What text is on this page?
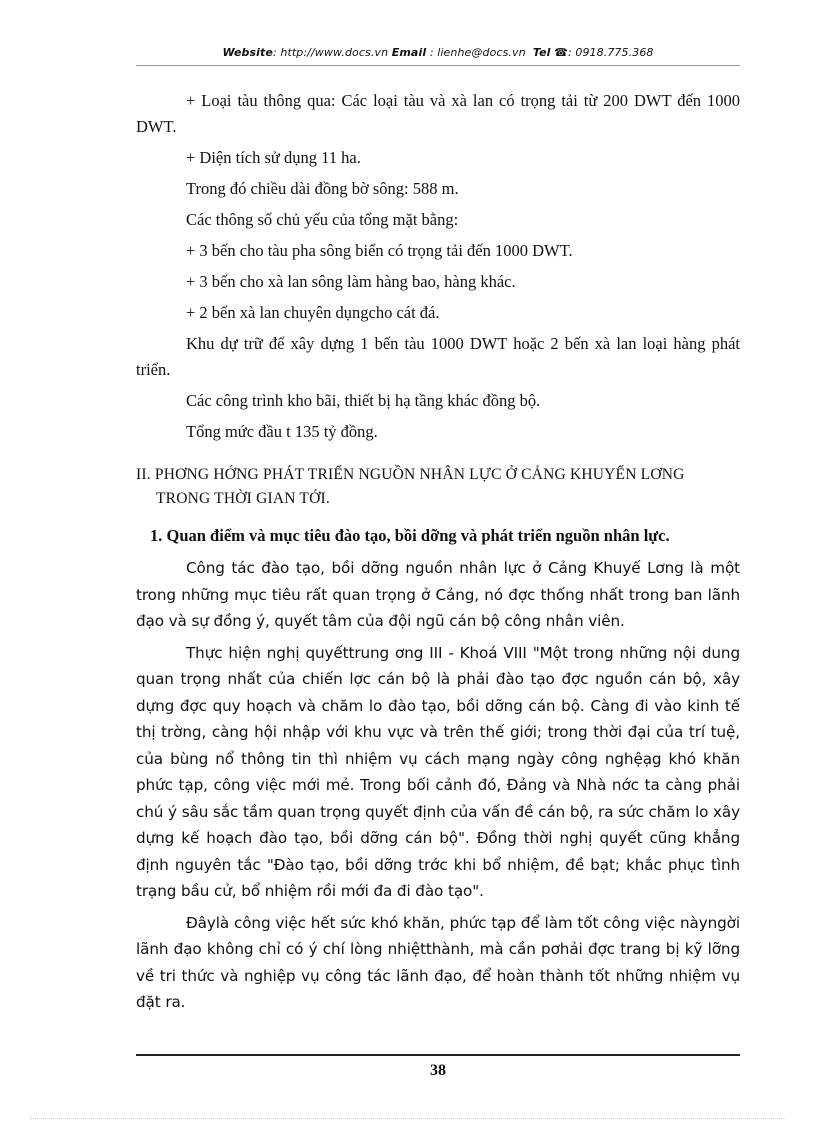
Website: http://www.docs.vn Email : lienhe@docs.vn Tel ☎: 0918.775.368

+ Loại tàu thông qua: Các loại tàu và xà lan có trọng tải từ 200 DWT đến 1000 DWT.

+ Diện tích sử dụng 11 ha.

Trong đó chiều dài đồng bờ sông: 588 m.

Các thông số chủ yếu của tổng mặt bằng:

+ 3 bến cho tàu pha sông biển có trọng tải đến 1000 DWT.

+ 3 bến cho xà lan sông làm hàng bao, hàng khác.

+ 2 bến xà lan chuyên dụngcho cát đá.

Khu dự trữ để xây dựng 1 bến tàu 1000 DWT hoặc 2 bến xà lan loại hàng phát triển.

Các công trình kho bãi, thiết bị hạ tầng khác đồng bộ.

Tổng mức đầu t 135 tỷ đồng.

II. PHƠNG HỚNG PHÁT TRIỂN NGUỒN NHÂN LỰC Ở CẢNG KHUYẾN LƠNG
TRONG THỜI GIAN TỚI.

1. Quan điểm và mục tiêu đào tạo, bồi dỡng và phát triển nguồn nhân lực.

Công tác đào tạo, bồi dỡng nguồn nhân lực ở Cảng Khuyế Lơng là một trong những mục tiêu rất quan trọng ở Cảng, nó đợc thống nhất trong ban lãnh đạo và sự đồng ý, quyết tâm của đội ngũ cán bộ công nhân viên.

Thực hiện nghị quyếttrung ơng III - Khoá VIII "Một trong những nội dung quan trọng nhất của chiến lợc cán bộ là phải đào tạo đợc nguồn cán bộ, xây dựng đợc quy hoạch và chăm lo đào tạo, bồi dỡng cán bộ. Càng đi vào kinh tế thị trờng, càng hội nhập với khu vực và trên thế giới; trong thời đại của trí tuệ, của bùng nổ thông tin thì nhiệm vụ cách mạng ngày công nghệạg khó khăn phức tạp, công việc mới mẻ. Trong bối cảnh đó, Đảng và Nhà nớc ta càng phải chú ý sâu sắc tầm quan trọng quyết định của vấn đề cán bộ, ra sức chăm lo xây dựng kế hoạch đào tạo, bồi dỡng cán bộ". Đồng thời nghị quyết cũng khẳng định nguyên tắc "Đào tạo, bồi dỡng trớc khi bổ nhiệm, đề bạt; khắc phục tình trạng bầu cử, bổ nhiệm rồi mới đa đi đào tạo".

Đâylà công việc hết sức khó khăn, phức tạp để làm tốt công việc nàyngời lãnh đạo không chỉ có ý chí lòng nhiệtthành, mà cần pơhải đợc trang bị kỹ lỡng về tri thức và nghiệp vụ công tác lãnh đạo, để hoàn thành tốt những nhiệm vụ đặt ra.

38
